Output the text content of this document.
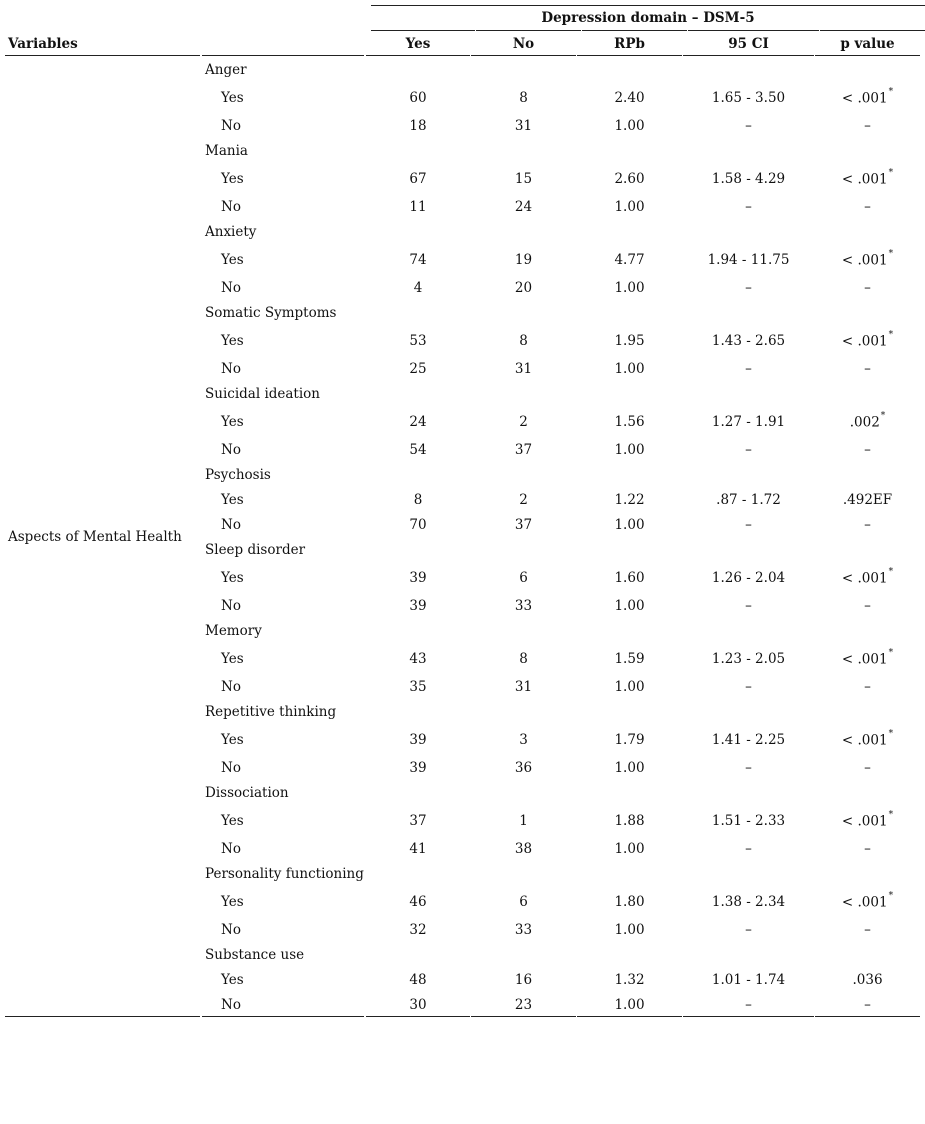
Depression domain – DSM-5
Variables	Yes	No	RPb	95 CI	p value
Aspects of Mental Health
Anger
Yes	60	8	2.40	1.65 - 3.50	< .001*
No	18	31	1.00	–	–
Mania
Yes	67	15	2.60	1.58 - 4.29	< .001*
No	11	24	1.00	–	–
Anxiety
Yes	74	19	4.77	1.94 - 11.75	< .001*
No	4	20	1.00	–	–
Somatic Symptoms
Yes	53	8	1.95	1.43 - 2.65	< .001*
No	25	31	1.00	–	–
Suicidal ideation
Yes	24	2	1.56	1.27 - 1.91	.002*
No	54	37	1.00	–	–
Psychosis
Yes	8	2	1.22	.87 - 1.72	.492EF
No	70	37	1.00	–	–
Sleep disorder
Yes	39	6	1.60	1.26 - 2.04	< .001*
No	39	33	1.00	–	–
Memory
Yes	43	8	1.59	1.23 - 2.05	< .001*
No	35	31	1.00	–	–
Repetitive thinking
Yes	39	3	1.79	1.41 - 2.25	< .001*
No	39	36	1.00	–	–
Dissociation
Yes	37	1	1.88	1.51 - 2.33	< .001*
No	41	38	1.00	–	–
Personality functioning
Yes	46	6	1.80	1.38 - 2.34	< .001*
No	32	33	1.00	–	–
Substance use
Yes	48	16	1.32	1.01 - 1.74	.036
No	30	23	1.00	–	–
